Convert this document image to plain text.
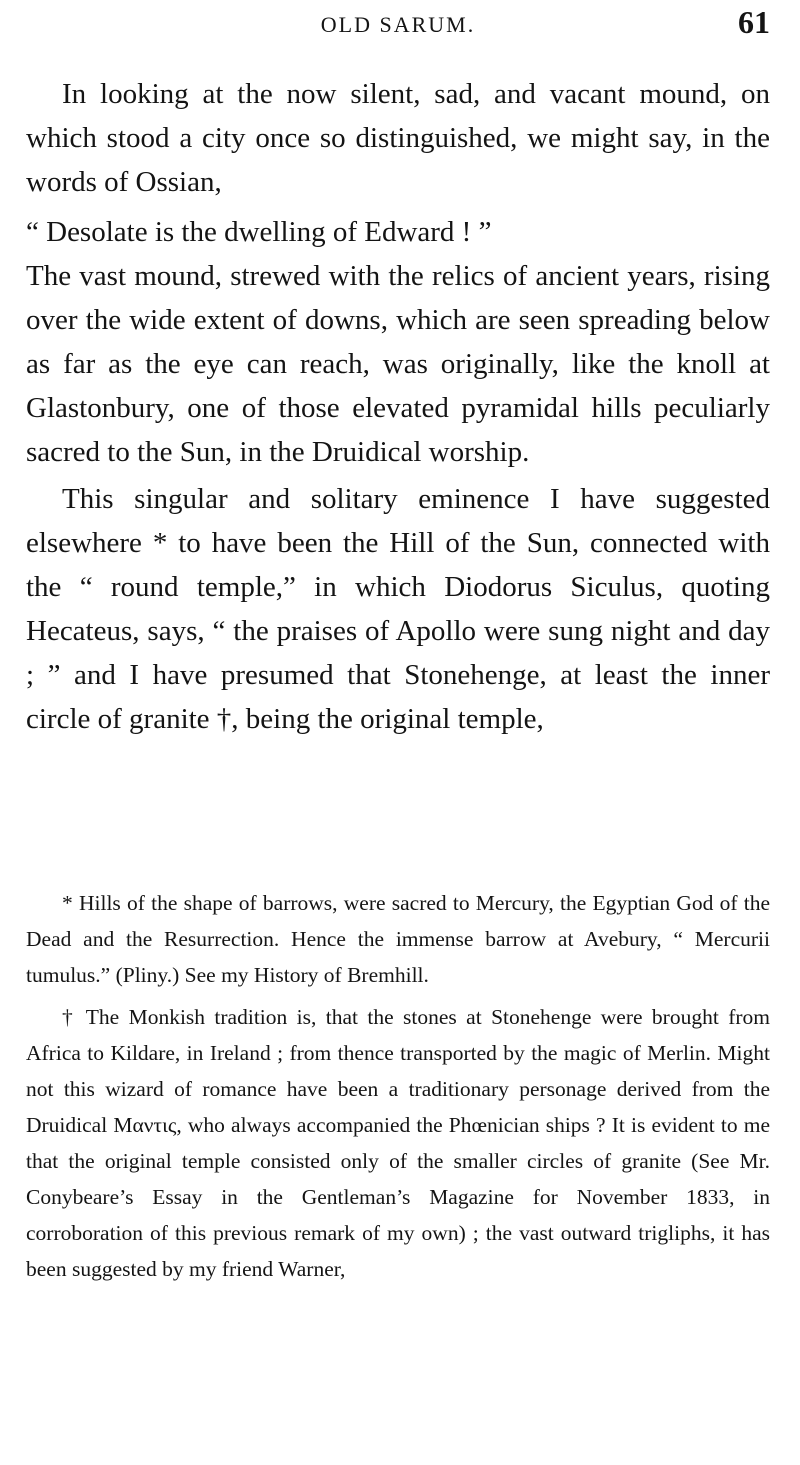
OLD SARUM.	61

In looking at the now silent, sad, and vacant mound, on which stood a city once so distinguished, we might say, in the words of Ossian,

“ Desolate is the dwelling of Edward ! ”

The vast mound, strewed with the relics of ancient years, rising over the wide extent of downs, which are seen spreading below as far as the eye can reach, was originally, like the knoll at Glastonbury, one of those elevated pyramidal hills peculiarly sacred to the Sun, in the Druidical worship.

This singular and solitary eminence I have suggested elsewhere * to have been the Hill of the Sun, connected with the “ round temple,” in which Diodorus Siculus, quoting Hecateus, says, “ the praises of Apollo were sung night and day ; ” and I have presumed that Stonehenge, at least the inner circle of granite †, being the original temple,

* Hills of the shape of barrows, were sacred to Mercury, the Egyptian God of the Dead and the Resurrection. Hence the immense barrow at Avebury, “ Mercurii tumulus.” (Pliny.) See my History of Bremhill.

† The Monkish tradition is, that the stones at Stonehenge were brought from Africa to Kildare, in Ireland ; from thence transported by the magic of Merlin. Might not this wizard of romance have been a traditionary personage derived from the Druidical Μαντις, who always accompanied the Phœnician ships ? It is evident to me that the original temple consisted only of the smaller circles of granite (See Mr. Conybeare’s Essay in the Gentleman’s Magazine for November 1833, in corroboration of this previous remark of my own) ; the vast outward trigliphs, it has been suggested by my friend Warner,
